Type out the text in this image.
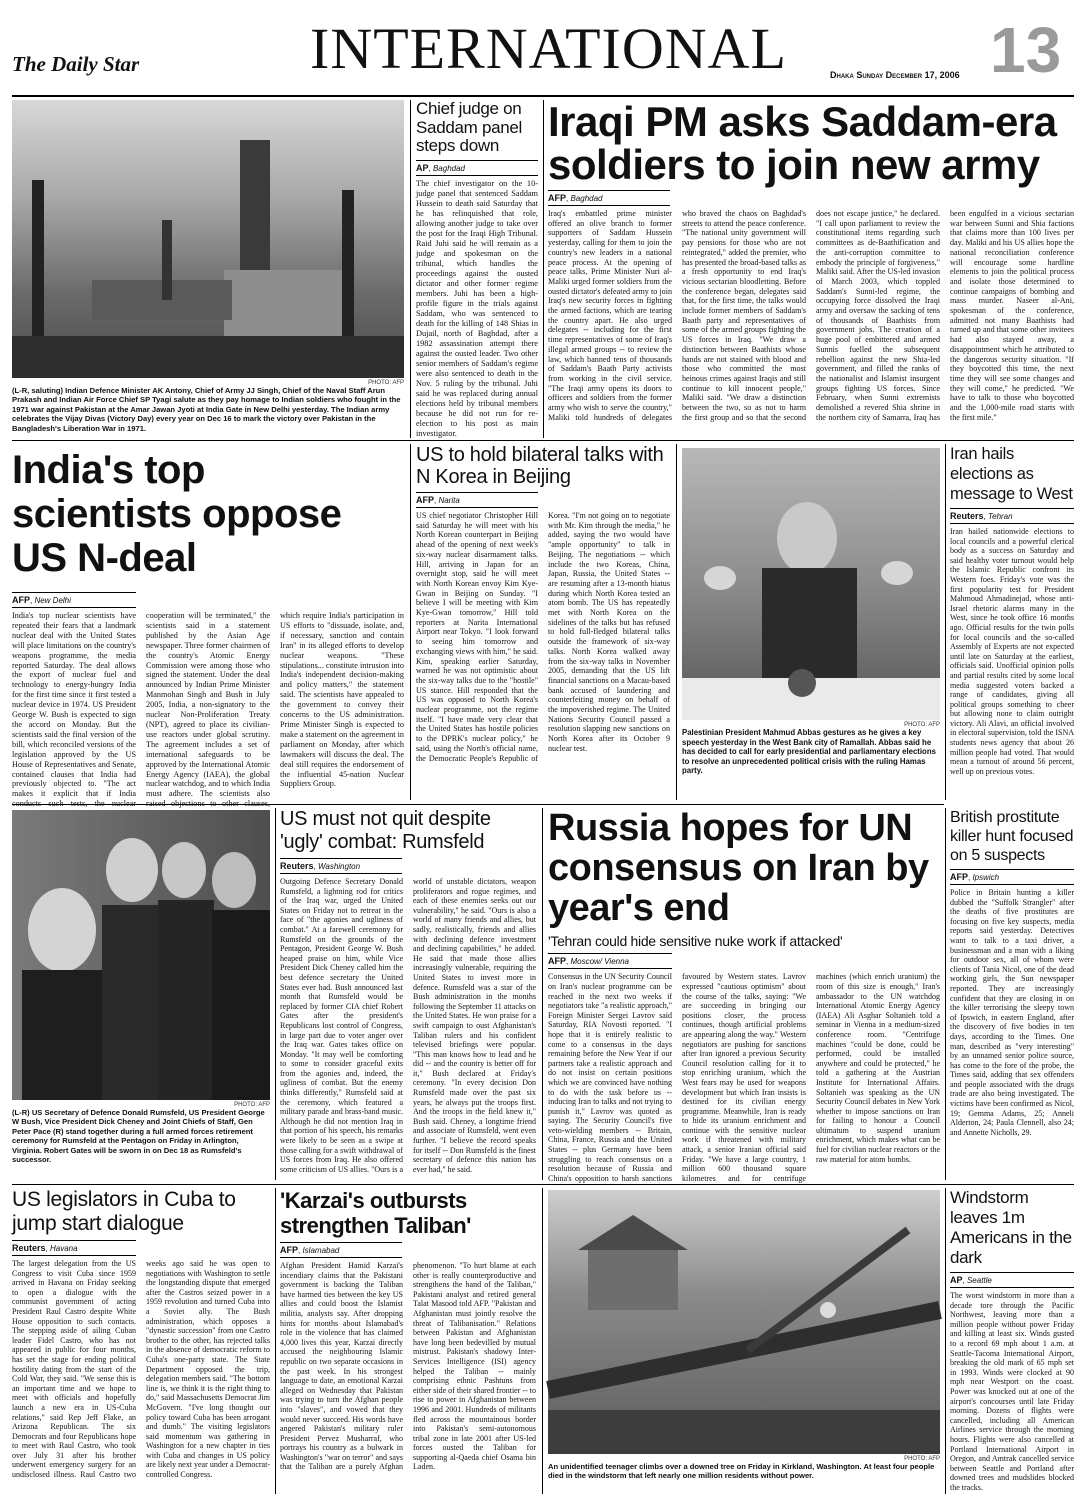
The Daily Star	INTERNATIONAL	Dhaka Sunday December 17, 2006 13
PHOTO: AFP
(L-R, saluting) Indian Defence Minister AK Antony, Chief of Army JJ Singh, Chief of the Naval Staff Arun Prakash and Indian Air Force Chief SP Tyagi salute as they pay homage to Indian soldiers who fought in the 1971 war against Pakistan at the Amar Jawan Jyoti at India Gate in New Delhi yesterday. The Indian army celebrates the Vijay Divas (Victory Day) every year on Dec 16 to mark the victory over Pakistan in the Bangladesh's Liberation War in 1971.
Chief judge on Saddam panel steps down
AP, Baghdad
The chief investigator on the 10-judge panel that sentenced Saddam Hussein to death said Saturday that he has relinquished that role, allowing another judge to take over the post for the Iraqi High Tribunal. Raid Juhi said he will remain as a judge and spokesman on the tribunal, which handles the proceedings against the ousted dictator and other former regime members. Juhi has been a high-profile figure in the trials against Saddam, who was sentenced to death for the killing of 148 Shias in Dujail, north of Baghdad, after a 1982 assassination attempt there against the ousted leader. Two other senior members of Saddam's regime were also sentenced to death in the Nov. 5 ruling by the tribunal. Juhi said he was replaced during annual elections held by tribunal members because he did not run for re-election to his post as main investigator.
Iraqi PM asks Saddam-era soldiers to join new army
AFP, Baghdad
Iraq's embattled prime minister offered an olive branch to former supporters of Saddam Hussein yesterday, calling for them to join the country's new leaders in a national peace process. At the opening of peace talks, Prime Minister Nuri al-Maliki urged former soldiers from the ousted dictator's defeated army to join Iraq's new security forces in fighting the armed factions, which are tearing the country apart. He also urged delegates -- including for the first time representatives of some of Iraq's illegal armed groups -- to review the law, which banned tens of thousands of Saddam's Baath Party activists from working in the civil service. "The Iraqi army opens its doors to officers and soldiers from the former army who wish to serve the country," Maliki told hundreds of delegates who braved the chaos on Baghdad's streets to attend the peace conference. "The national unity government will pay pensions for those who are not reintegrated," added the premier, who has presented the broad-based talks as a fresh opportunity to end Iraq's vicious sectarian bloodletting. Before the conference began, delegates said that, for the first time, the talks would include former members of Saddam's Baath party and representatives of some of the armed groups fighting the US forces in Iraq. "We draw a distinction between Baathists whose hands are not stained with blood and those who committed the most heinous crimes against Iraqis and still continue to kill innocent people," Maliki said. "We draw a distinction between the two, so as not to harm the first group and so that the second does not escape justice," he declared. "I call upon parliament to review the constitutional items regarding such committees as de-Baathification and the anti-corruption committee to embody the principle of forgiveness," Maliki said. After the US-led invasion of March 2003, which toppled Saddam's Sunni-led regime, the occupying force dissolved the Iraqi army and oversaw the sacking of tens of thousands of Baathists from government jobs. The creation of a huge pool of embittered and armed Sunnis fuelled the subsequent rebellion against the new Shia-led government, and filled the ranks of the nationalist and Islamist insurgent groups fighting US forces. Since February, when Sunni extremists demolished a revered Shia shrine in the northern city of Samarra, Iraq has been engulfed in a vicious sectarian war between Sunni and Shia factions that claims more than 100 lives per day. Maliki and his US allies hope the national reconciliation conference will encourage some hardline elements to join the political process and isolate those determined to continue campaigns of bombing and mass murder. Naseer al-Ani, spokesman of the conference, admitted not many Baathists had turned up and that some other invitees had also stayed away, a disappointment which he attributed to the dangerous security situation. "If they boycotted this time, the next time they will see some changes and they will come," he predicted. "We have to talk to those who boycotted and the 1,000-mile road starts with the first mile."
India's top scientists oppose US N-deal
AFP, New Delhi
India's top nuclear scientists have repeated their fears that a landmark nuclear deal with the United States will place limitations on the country's weapons programme, the media reported Saturday. The deal allows the export of nuclear fuel and technology to energy-hungry India for the first time since it first tested a nuclear device in 1974. US President George W. Bush is expected to sign the accord on Monday. But the scientists said the final version of the bill, which reconciled versions of the legislation approved by the US House of Representatives and Senate, contained clauses that India had previously objected to. "The act makes it explicit that if India cooperation will be terminated," the scientists said in a statement published by the Asian Age newspaper. Three former chairmen of the country's Atomic Energy Commission were among those who signed the statement. Under the deal announced by Indian Prime Minister Manmohan Singh and Bush in July 2005, India, a non-signatory to the nuclear Non-Proliferation Treaty (NPT), agreed to place its civilian-use reactors under global scrutiny. The agreement includes a set of international safeguards to be approved by the International Atomic Energy Agency (IAEA), the global nuclear watchdog, and to which India must adhere. The scientists also which require India's participation in US efforts to "dissuade, isolate, and, if necessary, sanction and contain Iran" in its alleged efforts to develop nuclear weapons. "These stipulations... constitute intrusion into India's independent decision-making and policy matters," the statement said. The scientists have appealed to the government to convey their concerns to the US administration. Prime Minister Singh is expected to make a statement on the agreement in parliament on Monday, after which lawmakers will discuss the deal. The deal still requires the endorsement of the influential 45-nation Nuclear Suppliers Group.
US to hold bilateral talks with N Korea in Beijing
AFP, Narita
US chief negotiator Christopher Hill said Saturday he will meet with his North Korean counterpart in Beijing ahead of the opening of next week's six-way nuclear disarmament talks. Hill, arriving in Japan for an overnight stop, said he will meet with North Korean envoy Kim Kye-Gwan in Beijing on Sunday. "I believe I will be meeting with Kim Kye-Gwan tomorrow," Hill told reporters at Narita International Airport near Tokyo. "I look forward to seeing him tomorrow and exchanging views with him," he said. Kim, speaking earlier Saturday, warned he was not optimistic about the six-way talks due to the "hostile" US stance. Hill responded that the US was opposed to North Korea's nuclear programme, not the regime itself. "I have made very clear that the United States has hostile policies to the DPRK's nuclear policy," he said, using the North's official name, the Democratic People's Republic of Korea. "I'm not going on to negotiate with Mr. Kim through the media," he added, saying the two would have "ample opportunity" to talk in Beijing. The negotiations -- which include the two Koreas, China, Japan, Russia, the United States -- are resuming after a 13-month hiatus during which North Korea tested an atom bomb. The US has repeatedly met with North Korea on the sidelines of the talks but has refused to hold full-fledged bilateral talks outside the framework of six-way talks. North Korea walked away from the six-way talks in November 2005, demanding that the US lift financial sanctions on a Macau-based bank accused of laundering and counterfeiting money on behalf of the impoverished regime. The United Nations Security Council passed a resolution slapping new sanctions on North Korea after its October 9 nuclear test.
PHOTO: AFP
Palestinian President Mahmud Abbas gestures as he gives a key speech yesterday in the West Bank city of Ramallah. Abbas said he has decided to call for early presidential and parliamentary elections to resolve an unprecedented political crisis with the ruling Hamas party.
Iran hails elections as message to West
Reuters, Tehran
Iran hailed nationwide elections to local councils and a powerful clerical body as a success on Saturday and said healthy voter turnout would help the Islamic Republic confront its Western foes. Friday's vote was the first popularity test for President Mahmoud Ahmadinejad, whose anti-Israel rhetoric alarms many in the West, since he took office 16 months ago. Official results for the twin polls for local councils and the so-called Assembly of Experts are not expected until late on Saturday at the earliest, officials said. Unofficial opinion polls and partial results cited by some local media suggested voters backed a range of candidates, giving all political groups something to cheer but allowing none to claim outright victory. Ali Alavi, an official involved in electoral supervision, told the ISNA students news agency that about 26 million people had voted. That would mean a turnout of around 56 percent, well up on previous votes.
PHOTO: AFP
(L-R) US Secretary of Defence Donald Rumsfeld, US President George W Bush, Vice President Dick Cheney and Joint Chiefs of Staff, Gen Peter Pace (R) stand together during a full armed forces retirement ceremony for Rumsfeld at the Pentagon on Friday in Arlington, Virginia. Robert Gates will be sworn in on Dec 18 as Rumsfeld's successor.
US must not quit despite 'ugly' combat: Rumsfeld
Reuters, Washington
Outgoing Defence Secretary Donald Rumsfeld, a lightning rod for critics of the Iraq war, urged the United States on Friday not to retreat in the face of "the agonies and ugliness of combat." At a farewell ceremony for Rumsfeld on the grounds of the Pentagon, President George W. Bush heaped praise on him, while Vice President Dick Cheney called him the best defence secretary the United States ever had. Bush announced last month that Rumsfeld would be replaced by former CIA chief Robert Gates after the president's Republicans lost control of Congress, in large part due to voter anger over the Iraq war. Gates takes office on Monday. "It may well be comforting to some to consider graceful exits from the agonies and, indeed, the ugliness of combat. But the enemy thinks differently," Rumsfeld said at the ceremony, which featured a military parade and brass-band music. Although he did not mention Iraq in that portion of his speech, his remarks were likely to be seen as a swipe at those calling for a swift withdrawal of US forces from Iraq. He also offered some criticism of US allies. "Ours is a world of unstable dictators, weapon proliferators and rogue regimes, and each of these enemies seeks out our vulnerability," he said. "Ours is also a world of many friends and allies, but sadly, realistically, friends and allies with declining defence investment and declining capabilities," he added. He said that made those allies increasingly vulnerable, requiring the United States to invest more in defence. Rumsfeld was a star of the Bush administration in the months following the September 11 attacks on the United States. He won praise for a swift campaign to oust Afghanistan's Taliban rulers and his confident televised briefings were popular. "This man knows how to lead and he did -- and the country is better off for it," Bush declared at Friday's ceremony. "In every decision Don Rumsfeld made over the past six years, he always put the troops first. And the troops in the field knew it," Bush said. Cheney, a longtime friend and associate of Rumsfeld, went even further. "I believe the record speaks for itself -- Don Rumsfeld is the finest secretary of defence this nation has ever had," he said.
Russia hopes for UN consensus on Iran by year's end
'Tehran could hide sensitive nuke work if attacked'
AFP, Moscow/ Vienna
Consensus in the UN Security Council on Iran's nuclear programme can be reached in the next two weeks if negotiators take "a realistic approach," Foreign Minister Sergei Lavrov said Saturday, RIA Novosti reported. "I hope that it is entirely realistic to come to a consensus in the days remaining before the New Year if our partners take a realistic approach and do not insist on certain positions which we are convinced have nothing to do with the task before us -- inducing Iran to talks and not trying to punish it," Lavrov was quoted as saying. The Security Council's five veto-wielding members -- Britain, China, France, Russia and the United States -- plus Germany have been struggling to reach consensus on a resolution because of Russia and China's opposition to harsh sanctions favoured by Western states. Lavrov expressed "cautious optimism" about the course of the talks, saying: "We are succeeding in bringing our positions closer, the process continues, though artificial problems are appearing along the way." Western negotiators are pushing for sanctions after Iran ignored a previous Security Council resolution calling for it to stop enriching uranium, which the West fears may be used for weapons development but which Iran insists is destined for its civilian energy programme. Meanwhile, Iran is ready to hide its uranium enrichment and continue with the sensitive nuclear work if threatened with military attack, a senior Iranian official said Friday. "We have a large country, 1 million 600 thousand square kilometres and for centrifuge machines (which enrich uranium) the room of this size is enough," Iran's ambassador to the UN watchdog International Atomic Energy Agency (IAEA) Ali Asghar Soltanieh told a seminar in Vienna in a medium-sized conference room. "Centrifuge machines "could be done, could be performed, could be installed anywhere and could be protected," he told a gathering at the Austrian Institute for International Affairs. Soltanieh was speaking as the UN Security Council debates in New York whether to impose sanctions on Iran for failing to honour a Council ultimatum to suspend uranium enrichment, which makes what can be fuel for civilian nuclear reactors or the raw material for atom bombs.
British prostitute killer hunt focused on 5 suspects
AFP, Ipswich
Police in Britain hunting a killer dubbed the "Suffolk Strangler" after the deaths of five prostitutes are focusing on five key suspects, media reports said yesterday. Detectives want to talk to a taxi driver, a businessman and a man with a liking for outdoor sex, all of whom were clients of Tania Nicol, one of the dead working girls, the Sun newspaper reported. They are increasingly confident that they are closing in on the killer terrorising the sleepy town of Ipswich, in eastern England, after the discovery of five bodies in ten days, according to the Times. One man, described as "very interesting" by an unnamed senior police source, has come to the fore of the probe, the Times said, adding that sex offenders and people associated with the drugs trade are also being investigated. The victims have been confirmed as Nicol, 19; Gemma Adams, 25; Anneli Alderton, 24; Paula Clennell, also 24; and Annette Nicholls, 29.
US legislators in Cuba to jump start dialogue
Reuters, Havana
The largest delegation from the US Congress to visit Cuba since 1959 arrived in Havana on Friday seeking to open a dialogue with the communist government of acting President Raul Castro despite White House opposition to such contacts. The stepping aside of ailing Cuban leader Fidel Castro, who has not appeared in public for four months, has set the stage for ending political hostility dating from the start of the Cold War, they said. "We sense this is an important time and we hope to meet with officials and hopefully launch a new era in US-Cuba relations," said Rep Jeff Flake, an Arizona Republican. The six Democrats and four Republicans hope to meet with Raul Castro, who took over July 31 after his brother underwent emergency surgery for an undisclosed illness. Raul Castro two weeks ago said he was open to negotiations with Washington to settle the longstanding dispute that emerged after the Castros seized power in a 1959 revolution and turned Cuba into a Soviet ally. The Bush administration, which opposes a "dynastic succession" from one Castro brother to the other, has rejected talks in the absence of democratic reform to Cuba's one-party state. The State Department opposed the trip, delegation members said. "The bottom line is, we think it is the right thing to do," said Massachusetts Democrat Jim McGovern. "I've long thought our policy toward Cuba has been arrogant and dumb." The visiting legislators said momentum was gathering in Washington for a new chapter in ties with Cuba and changes in US policy are likely next year under a Democrat-controlled Congress.
'Karzai's outbursts strengthen Taliban'
AFP, Islamabad
Afghan President Hamid Karzai's incendiary claims that the Pakistani government is backing the Taliban have harmed ties between the key US allies and could boost the Islamist militia, analysts say. After dropping hints for months about Islamabad's role in the violence that has claimed 4,000 lives this year, Karzai directly accused the neighbouring Islamic republic on two separate occasions in the past week. In his strongest language to date, an emotional Karzai alleged on Wednesday that Pakistan was trying to turn the Afghan people into "slaves", and vowed that they would never succeed. His words have angered Pakistan's military ruler President Pervez Musharraf, who portrays his country as a bulwark in Washington's "war on terror" and says that the Taliban are a purely Afghan phenomenon. "To hurt blame at each other is really counterproductive and strengthens the hand of the Taliban," Pakistani analyst and retired general Talat Masood told AFP. "Pakistan and Afghanistan must jointly resolve the threat of Talibanisation." Relations between Pakistan and Afghanistan have long been bedevilled by mutual mistrust. Pakistan's shadowy Inter-Services Intelligence (ISI) agency helped the Taliban -- mainly comprising ethnic Pashtuns from either side of their shared frontier -- to rise to power in Afghanistan between 1996 and 2001. Hundreds of militants fled across the mountainous border into Pakistan's semi-autonomous tribal zone in late 2001 after US-led forces ousted the Taliban for supporting al-Qaeda chief Osama bin Laden.
PHOTO: AFP
An unidentified teenager climbs over a downed tree on Friday in Kirkland, Washington. At least four people died in the windstorm that left nearly one million residents without power.
Windstorm leaves 1m Americans in the dark
AP, Seattle
The worst windstorm in more than a decade tore through the Pacific Northwest, leaving more than a million people without power Friday and killing at least six. Winds gusted to a record 69 mph about 1 a.m. at Seattle-Tacoma International Airport, breaking the old mark of 65 mph set in 1993. Winds were clocked at 90 mph near Westport on the coast. Power was knocked out at one of the airport's concourses until late Friday morning. Dozens of flights were cancelled, including all American Airlines service through the morning hours. Flights were also cancelled at Portland International Airport in Oregon, and Amtrak cancelled service between Seattle and Portland after downed trees and mudslides blocked the tracks.
